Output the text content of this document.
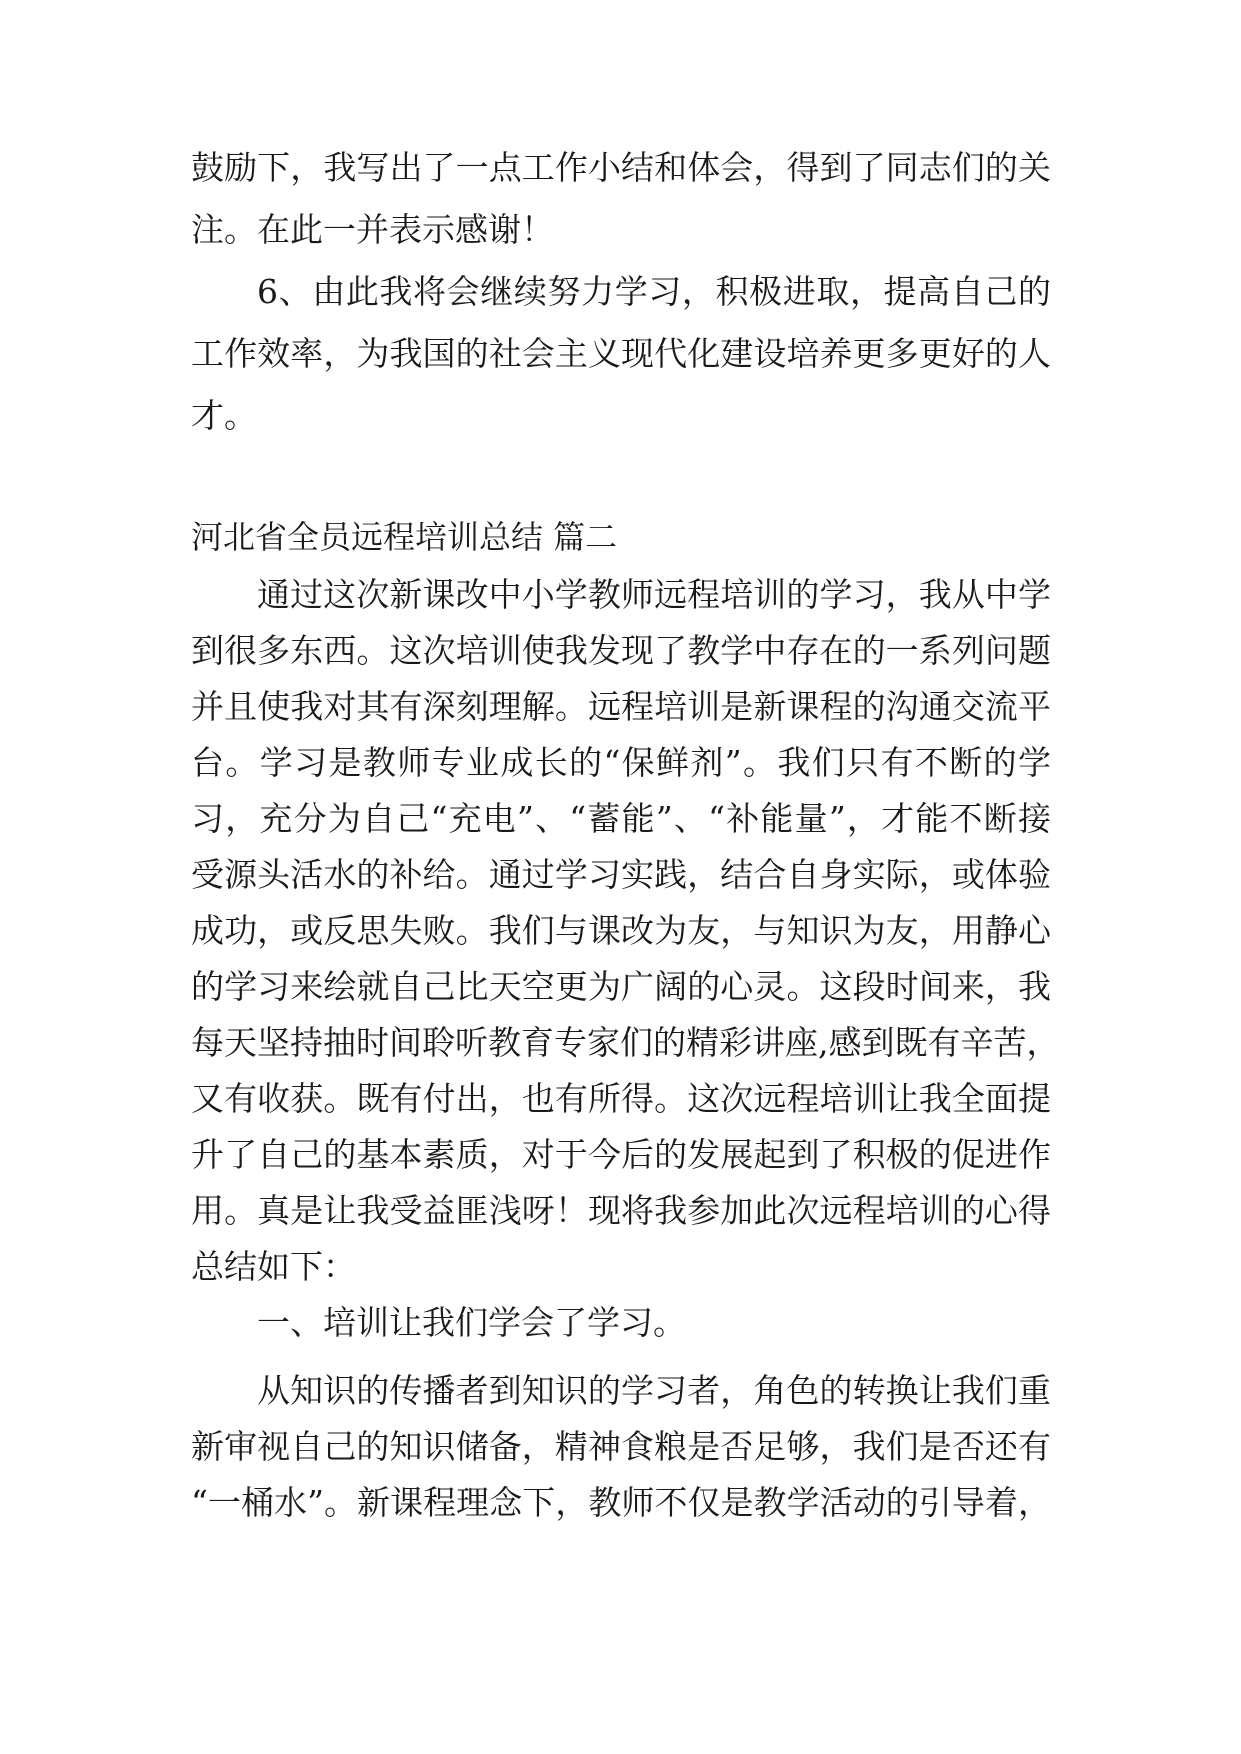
鼓励下，我写出了一点工作小结和体会，得到了同志们的关
注。在此一并表示感谢！
6、由此我将会继续努力学习，积极进取，提高自己的
工作效率，为我国的社会主义现代化建设培养更多更好的人
才。
河北省全员远程培训总结 篇二
通过这次新课改中小学教师远程培训的学习，我从中学
到很多东西。这次培训使我发现了教学中存在的一系列问题
并且使我对其有深刻理解。远程培训是新课程的沟通交流平
台。学习是教师专业成长的“保鲜剂”。我们只有不断的学
习，充分为自己“充电”、“蓄能”、“补能量”，才能不断接
受源头活水的补给。通过学习实践，结合自身实际，或体验
成功，或反思失败。我们与课改为友，与知识为友，用静心
的学习来绘就自己比天空更为广阔的心灵。这段时间来，我
每天坚持抽时间聆听教育专家们的精彩讲座,感到既有辛苦，
又有收获。既有付出，也有所得。这次远程培训让我全面提
升了自己的基本素质，对于今后的发展起到了积极的促进作
用。真是让我受益匪浅呀！现将我参加此次远程培训的心得
总结如下：
一、培训让我们学会了学习。
从知识的传播者到知识的学习者，角色的转换让我们重
新审视自己的知识储备，精神食粮是否足够，我们是否还有
“一桶水”。新课程理念下，教师不仅是教学活动的引导着，
